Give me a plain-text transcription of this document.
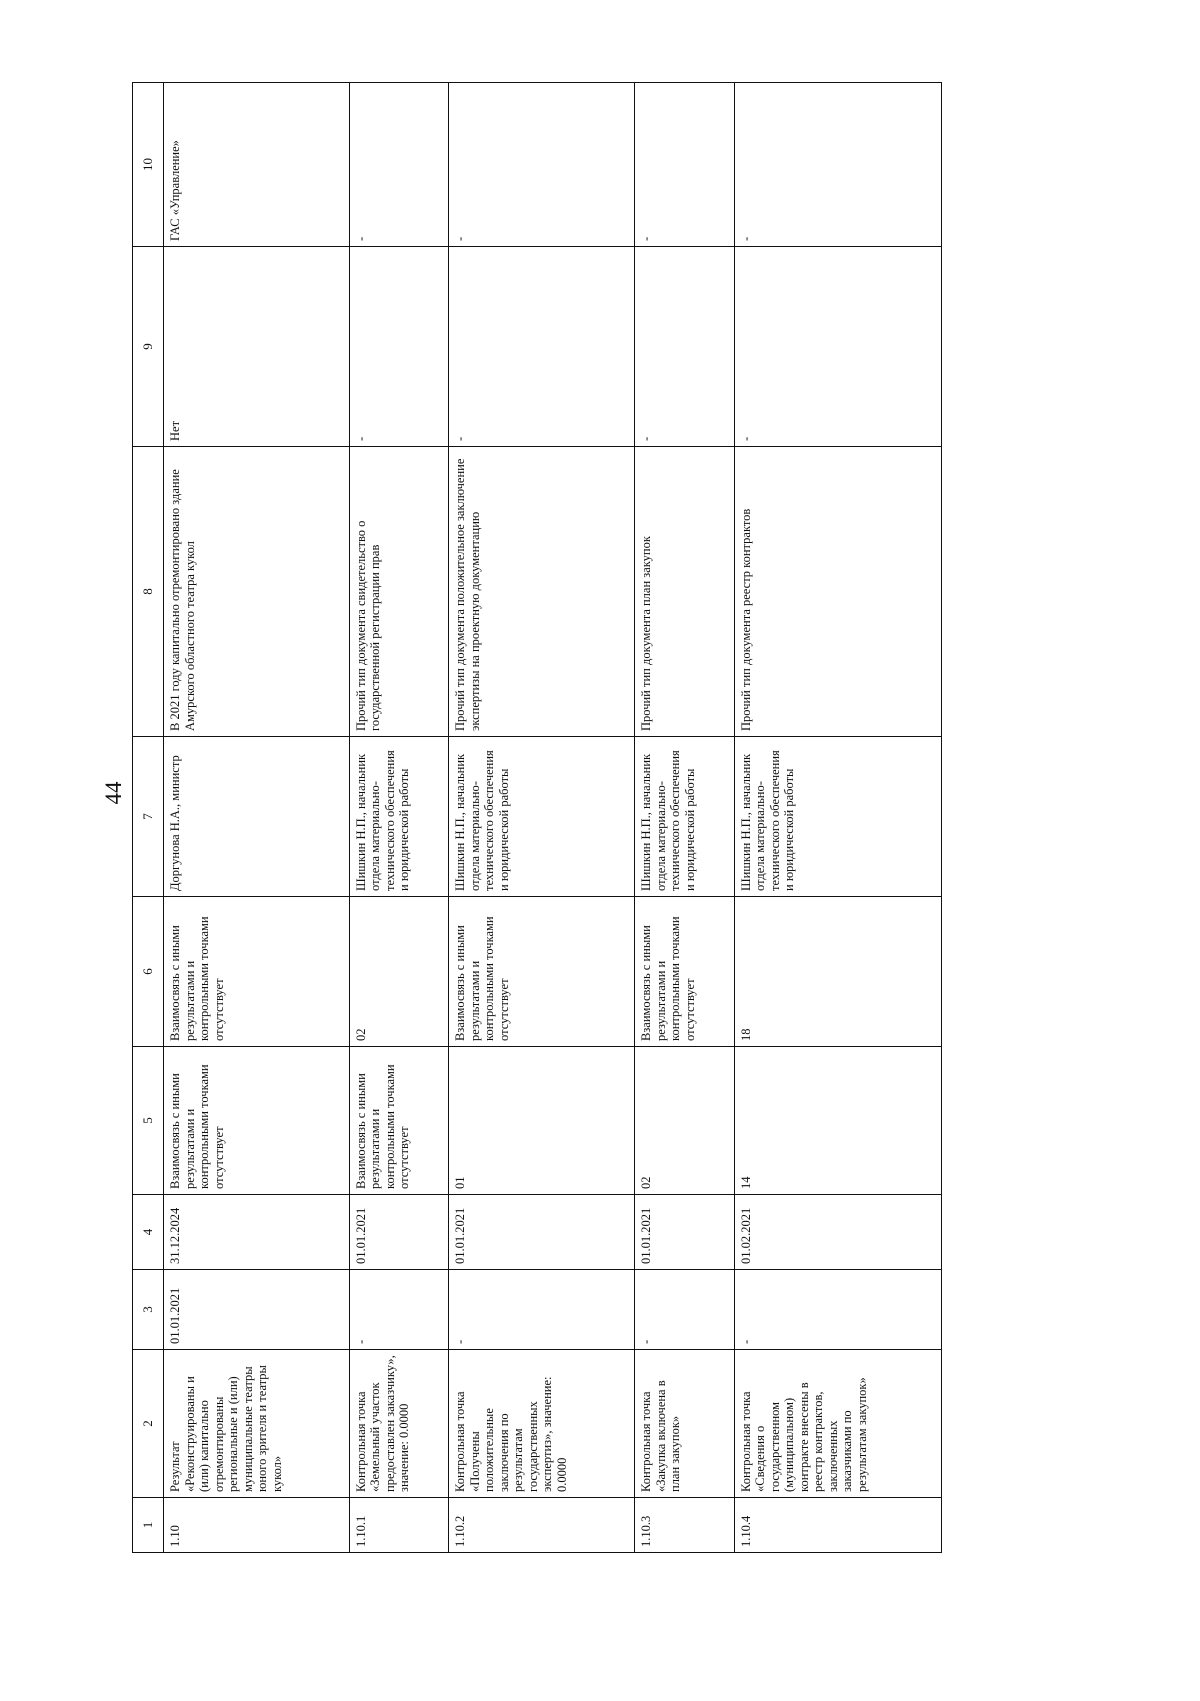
44
1	2	3	4	5	6	7	8	9	10
1.10	Результат «Реконструированы и (или) капитально отремонтированы региональные и (или) муниципальные театры юного зрителя и театры кукол»	01.01.2021	31.12.2024	Взаимосвязь с иными результатами и контрольными точками отсутствует	Взаимосвязь с иными результатами и контрольными точками отсутствует	Доргунова Н.А., министр	В 2021 году капитально отремонтировано здание Амурского областного театра кукол	Нет	ГАС «Управление»
1.10.1	Контрольная точка «Земельный участок предоставлен заказчику», значение: 0.0000	-	01.01.2021	Взаимосвязь с иными результатами и контрольными точками отсутствует	02	Шишкин Н.П., начальник отдела материально-технического обеспечения и юридической работы	Прочий тип документа свидетельство о государственной регистрации прав	-	-
1.10.2	Контрольная точка «Получены положительные заключения по результатам государственных экспертиз», значение: 0.0000	-	01.01.2021	01	Взаимосвязь с иными результатами и контрольными точками отсутствует	Шишкин Н.П., начальник отдела материально-технического обеспечения и юридической работы	Прочий тип документа положительное заключение экспертизы на проектную документацию	-	-
1.10.3	Контрольная точка «Закупка включена в план закупок»	-	01.01.2021	02	Взаимосвязь с иными результатами и контрольными точками отсутствует	Шишкин Н.П., начальник отдела материально-технического обеспечения и юридической работы	Прочий тип документа план закупок	-	-
1.10.4	Контрольная точка «Сведения о государственном (муниципальном) контракте внесены в реестр контрактов, заключенных заказчиками по результатам закупок»	-	01.02.2021	14	18	Шишкин Н.П., начальник отдела материально-технического обеспечения и юридической работы	Прочий тип документа реестр контрактов	-	-
